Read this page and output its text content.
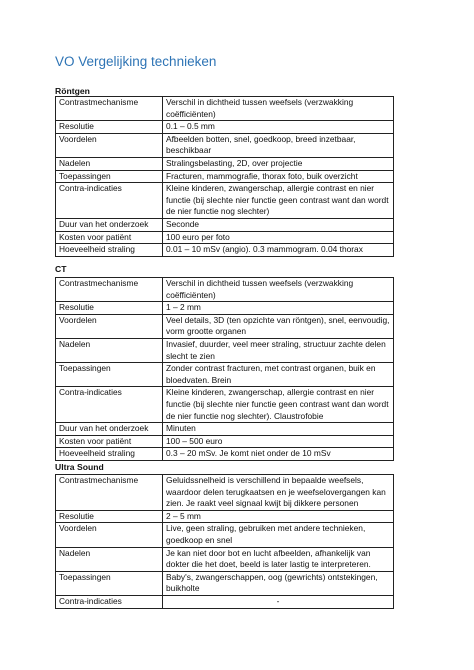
VO Vergelijking technieken
Röntgen
Contrastmechanisme	Verschil in dichtheid tussen weefsels (verzwakking coëfficiënten)
Resolutie	0.1 – 0.5 mm
Voordelen	Afbeelden botten, snel, goedkoop, breed inzetbaar, beschikbaar
Nadelen	Stralingsbelasting, 2D, over projectie
Toepassingen	Fracturen, mammografie, thorax foto, buik overzicht
Contra-indicaties	Kleine kinderen, zwangerschap, allergie contrast en nier functie (bij slechte nier functie geen contrast want dan wordt de nier functie nog slechter)
Duur van het onderzoek	Seconde
Kosten voor patiënt	100 euro per foto
Hoeveelheid straling	0.01 – 10 mSv (angio). 0.3 mammogram. 0.04 thorax
CT
Contrastmechanisme	Verschil in dichtheid tussen weefsels (verzwakking coëfficiënten)
Resolutie	1 – 2 mm
Voordelen	Veel details, 3D (ten opzichte van röntgen), snel, eenvoudig, vorm grootte organen
Nadelen	Invasief, duurder, veel meer straling, structuur zachte delen slecht te zien
Toepassingen	Zonder contrast fracturen, met contrast organen, buik en bloedvaten. Brein
Contra-indicaties	Kleine kinderen, zwangerschap, allergie contrast en nier functie (bij slechte nier functie geen contrast want dan wordt de nier functie nog slechter). Claustrofobie
Duur van het onderzoek	Minuten
Kosten voor patiënt	100 – 500 euro
Hoeveelheid straling	0.3 – 20 mSv. Je komt niet onder de 10 mSv
Ultra Sound
Contrastmechanisme	Geluidssnelheid is verschillend in bepaalde weefsels, waardoor delen terugkaatsen en je weefselovergangen kan zien. Je raakt veel signaal kwijt bij dikkere personen
Resolutie	2 – 5 mm
Voordelen	Live, geen straling, gebruiken met andere technieken, goedkoop en snel
Nadelen	Je kan niet door bot en lucht afbeelden, afhankelijk van dokter die het doet, beeld is later lastig te interpreteren.
Toepassingen	Baby's, zwangerschappen, oog (gewrichts) ontstekingen, buikholte
Contra-indicaties	-
